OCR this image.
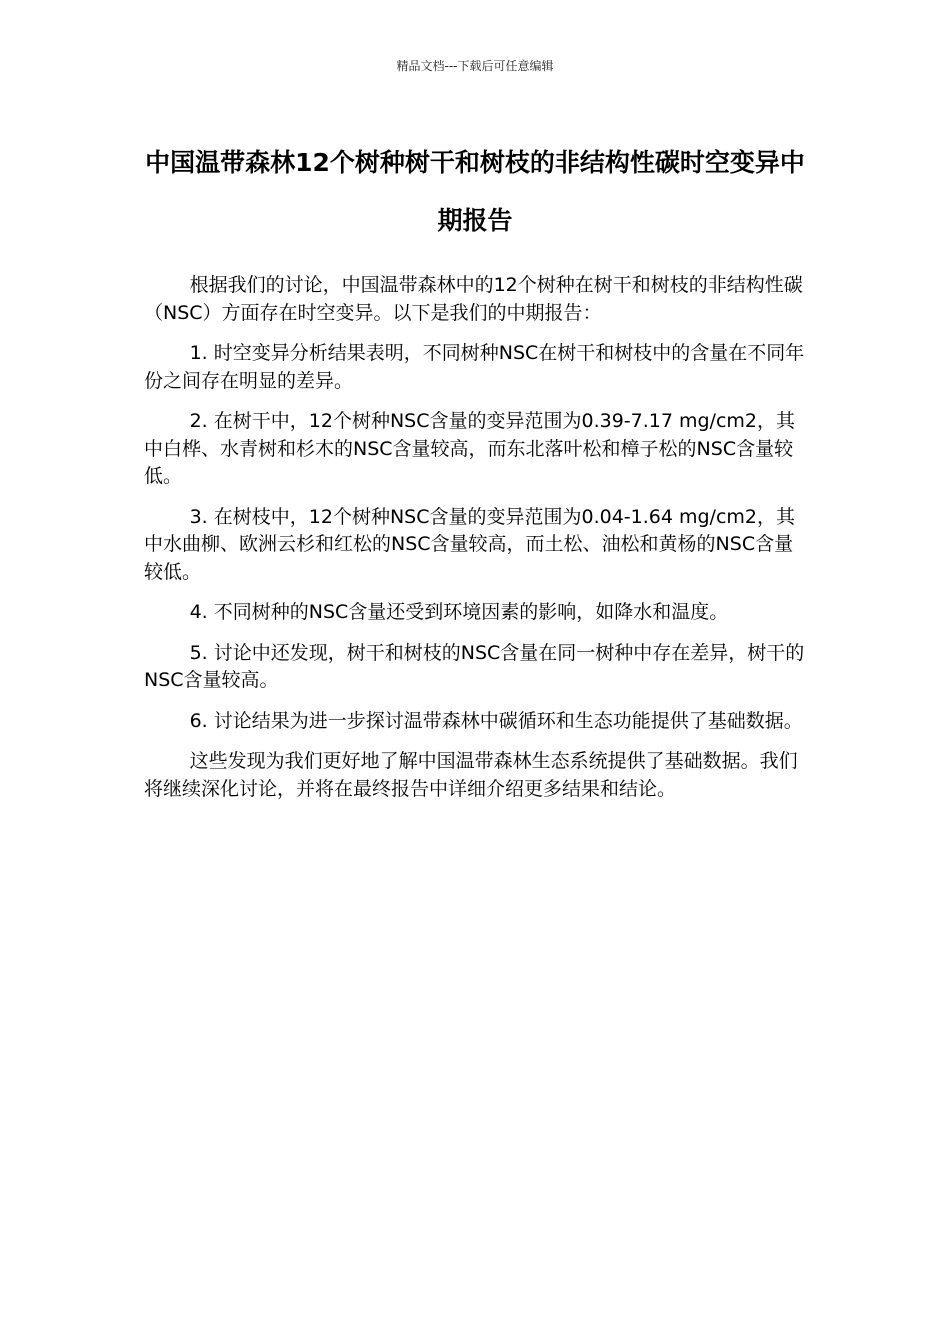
精品文档---下载后可任意编辑
中国温带森林12个树种树干和树枝的非结构性碳时空变异中期报告

根据我们的讨论，中国温带森林中的12个树种在树干和树枝的非结构性碳（NSC）方面存在时空变异。以下是我们的中期报告：

1. 时空变异分析结果表明，不同树种NSC在树干和树枝中的含量在不同年份之间存在明显的差异。

2. 在树干中，12个树种NSC含量的变异范围为0.39-7.17 mg/cm2，其中白桦、水青树和杉木的NSC含量较高，而东北落叶松和樟子松的NSC含量较低。

3. 在树枝中，12个树种NSC含量的变异范围为0.04-1.64 mg/cm2，其中水曲柳、欧洲云杉和红松的NSC含量较高，而土松、油松和黄杨的NSC含量较低。

4. 不同树种的NSC含量还受到环境因素的影响，如降水和温度。

5. 讨论中还发现，树干和树枝的NSC含量在同一树种中存在差异，树干的NSC含量较高。

6. 讨论结果为进一步探讨温带森林中碳循环和生态功能提供了基础数据。

这些发现为我们更好地了解中国温带森林生态系统提供了基础数据。我们将继续深化讨论，并将在最终报告中详细介绍更多结果和结论。
